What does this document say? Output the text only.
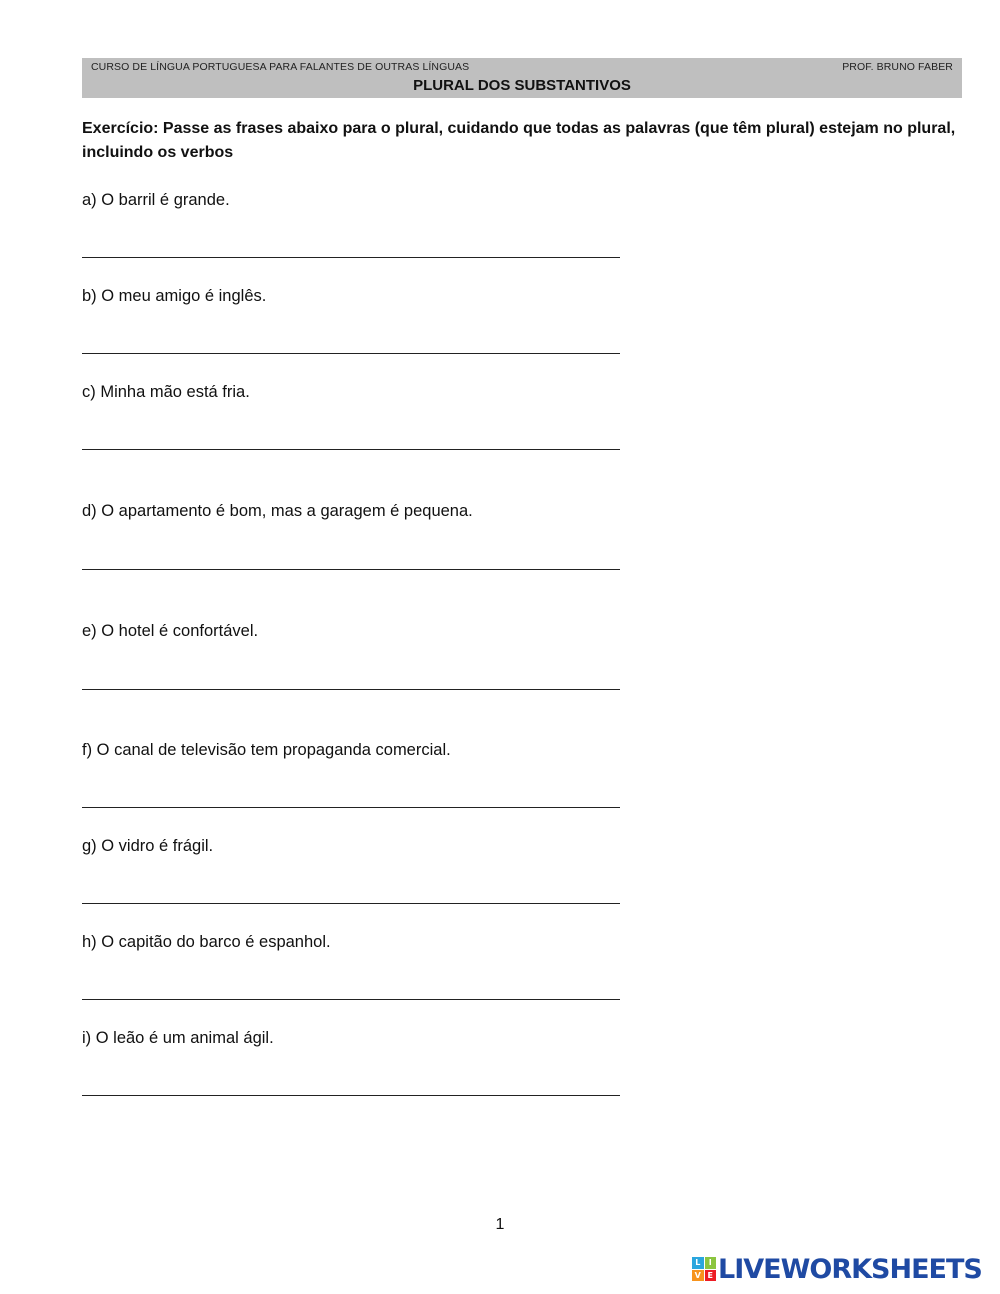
CURSO DE LÍNGUA PORTUGUESA PARA FALANTES DE OUTRAS LÍNGUAS	PROF. BRUNO FABER
PLURAL DOS SUBSTANTIVOS
Exercício: Passe as frases abaixo para o plural, cuidando que todas as palavras (que têm plural) estejam no plural, incluindo os verbos
a) O barril é grande.
b) O meu amigo é inglês.
c) Minha mão está fria.
d) O apartamento é bom, mas a garagem é pequena.
e) O hotel é confortável.
f) O canal de televisão tem propaganda comercial.
g) O vidro é frágil.
h) O capitão do barco é espanhol.
i) O leão é um animal ágil.
1
L	I
V E LIVEWORKSHEETS
